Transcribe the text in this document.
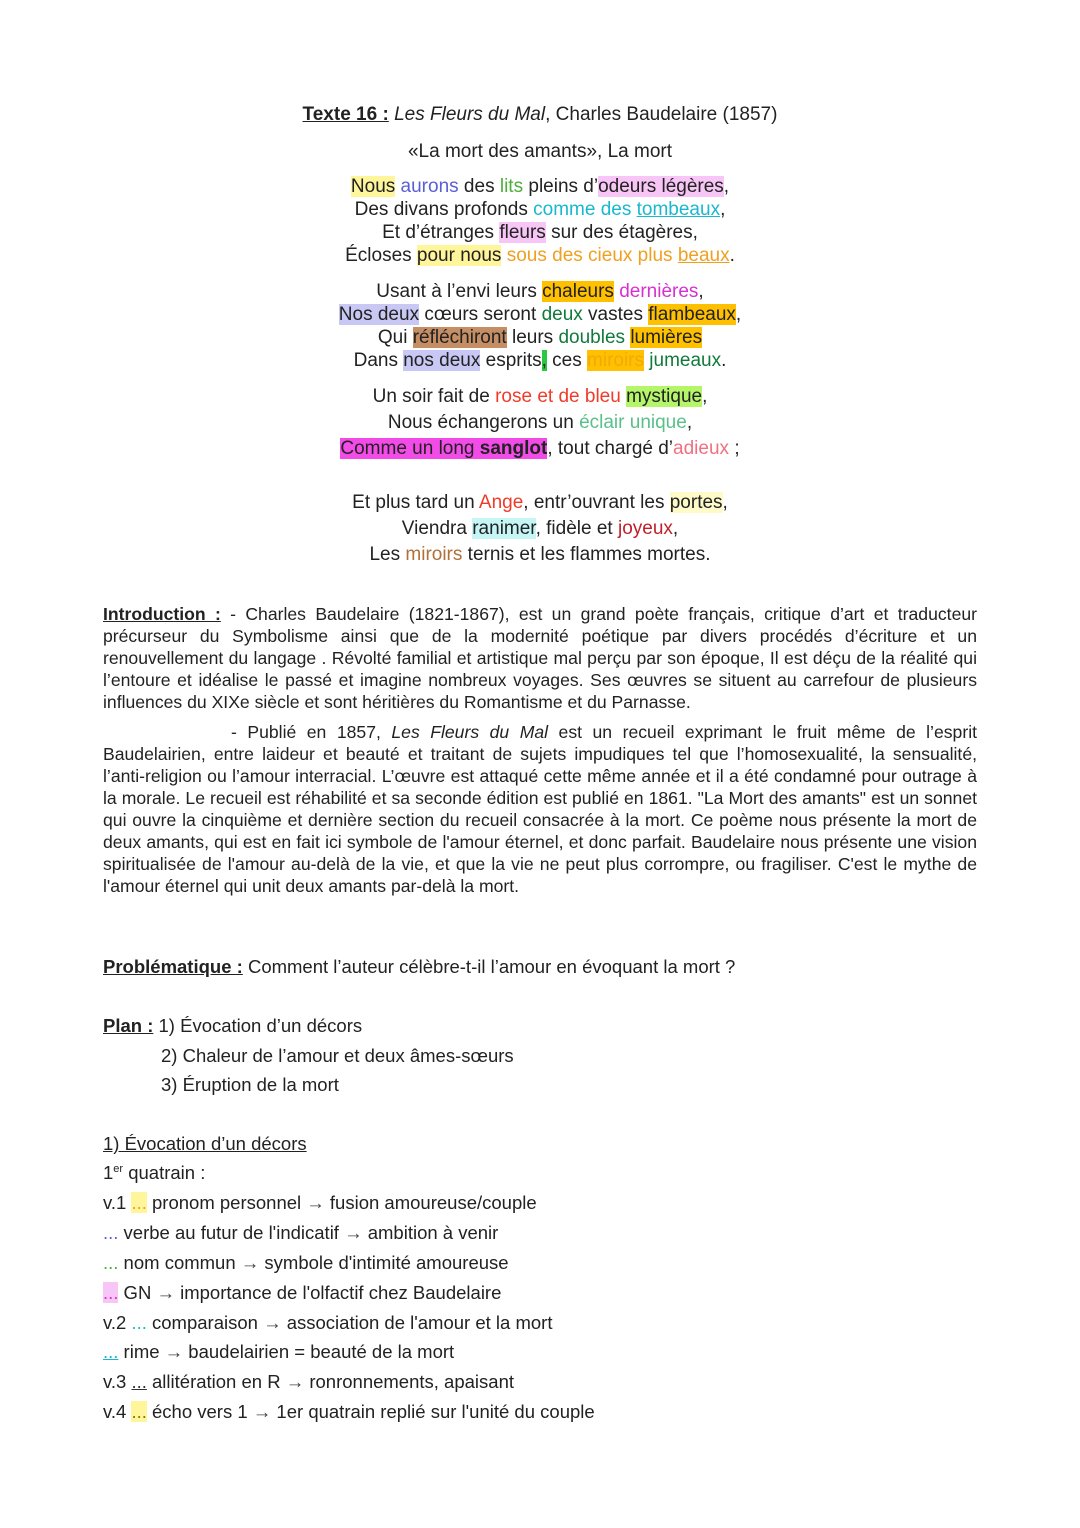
Texte 16 : Les Fleurs du Mal, Charles Baudelaire (1857)
«La mort des amants», La mort
Nous aurons des lits pleins d’odeurs légères,
Des divans profonds comme des tombeaux,
Et d’étranges fleurs sur des étagères,
Écloses pour nous sous des cieux plus beaux.
Usant à l’envi leurs chaleurs dernières,
Nos deux cœurs seront deux vastes flambeaux,
Qui réfléchiront leurs doubles lumières
Dans nos deux esprits, ces miroirs jumeaux.
Un soir fait de rose et de bleu mystique,
Nous échangerons un éclair unique,
Comme un long sanglot, tout chargé d’adieux ;
Et plus tard un Ange, entr’ouvrant les portes,
Viendra ranimer, fidèle et joyeux,
Les miroirs ternis et les flammes mortes.
Introduction : - Charles Baudelaire (1821-1867), est un grand poète français, critique d’art et traducteur précurseur du Symbolisme ainsi que de la modernité poétique par divers procédés d’écriture et un renouvellement du langage . Révolté familial et artistique mal perçu par son époque, Il est déçu de la réalité qui l’entoure et idéalise le passé et imagine nombreux voyages. Ses œuvres se situent au carrefour de plusieurs influences du XIXe siècle et sont héritières du Romantisme et du Parnasse.
- Publié en 1857, Les Fleurs du Mal est un recueil exprimant le fruit même de l’esprit Baudelairien, entre laideur et beauté et traitant de sujets impudiques tel que l’homosexualité, la sensualité, l’anti-religion ou l’amour interracial. L’œuvre est attaqué cette même année et il a été condamné pour outrage à la morale. Le recueil est réhabilité et sa seconde édition est publié en 1861. "La Mort des amants" est un sonnet qui ouvre la cinquième et dernière section du recueil consacrée à la mort. Ce poème nous présente la mort de deux amants, qui est en fait ici symbole de l'amour éternel, et donc parfait. Baudelaire nous présente une vision spiritualisée de l'amour au-delà de la vie, et que la vie ne peut plus corrompre, ou fragiliser. C'est le mythe de l'amour éternel qui unit deux amants par-delà la mort.
Problématique : Comment l’auteur célèbre-t-il l’amour en évoquant la mort ?
Plan : 1) Évocation d’un décors
2) Chaleur de l’amour et deux âmes-sœurs
3) Éruption de la mort
1) Évocation d’un décors
1er quatrain :
v.1 ... pronom personnel → fusion amoureuse/couple
... verbe au futur de l'indicatif → ambition à venir
... nom commun → symbole d'intimité amoureuse
... GN → importance de l'olfactif chez Baudelaire
v.2 ... comparaison → association de l'amour et la mort
... rime → baudelairien = beauté de la mort
v.3 ... allitération en R → ronronnements, apaisant
v.4 ... écho vers 1 → 1er quatrain replié sur l'unité du couple
